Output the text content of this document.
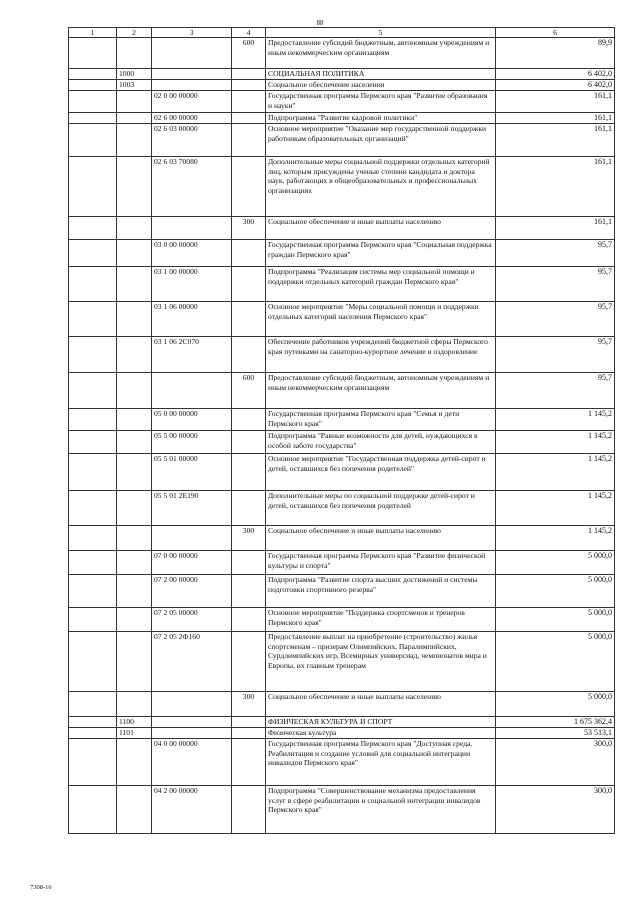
88
1	2	3	4	5	6
			600	Предоставление субсидий бюджетным, автономным учреждениям и иным некоммерческим организациям	89,9
	1000			СОЦИАЛЬНАЯ ПОЛИТИКА	6 402,0
	1003			Социальное обеспечение населения	6 402,0
		02 0 00 00000		Государственная программа Пермского края "Развитие образования и науки"	161,1
		02 6 00 00000		Подпрограмма "Развитие кадровой политики"	161,1
		02 6 03 00000		Основное мероприятие "Оказание мер государственной поддержки работникам образовательных организаций"	161,1
		02 6 03 70080		Дополнительные меры социальной поддержки отдельных категорий лиц, которым присуждены ученые степени кандидата и доктора наук, работающих в общеобразовательных и профессиональных организациях	161,1
			300	Социальное обеспечение и иные выплаты населению	161,1
		03 0 00 00000		Государственная программа Пермского края "Социальная поддержка граждан Пермского края"	95,7
		03 1 00 00000		Подпрограмма "Реализация системы мер социальной помощи и поддержки отдельных категорий граждан Пермского края"	95,7
		03 1 06 00000		Основное мероприятие "Меры социальной помощи и поддержки отдельных категорий населения Пермского края"	95,7
		03 1 06 2С070		Обеспечение работников учреждений бюджетной сферы Пермского края путевками на санаторно-курортное лечение и оздоровление	95,7
			600	Предоставление субсидий бюджетным, автономным учреждениям и иным некоммерческим организациям	95,7
		05 0 00 00000		Государственная программа Пермского края "Семья и дети Пермского края"	1 145,2
		05 5 00 00000		Подпрограмма "Равные возможности для детей, нуждающихся в особой заботе государства"	1 145,2
		05 5 01 00000		Основное мероприятие "Государственная поддержка детей-сирот и детей, оставшихся без попечения родителей"	1 145,2
		05 5 01 2Е190		Дополнительные меры по социальной поддержке детей-сирот и детей, оставшихся без попечения родителей	1 145,2
			300	Социальное обеспечение и иные выплаты населению	1 145,2
		07 0 00 00000		Государственная программа Пермского края "Развитие физической культуры и спорта"	5 000,0
		07 2 00 00000		Подпрограмма "Развитие спорта высших достижений и системы подготовки спортивного резерва"	5 000,0
		07 2 05 00000		Основное мероприятие "Поддержка спортсменов и тренеров Пермского края"	5 000,0
		07 2 05 2Ф160		Предоставление выплат на приобретение (строительство) жилья спортсменам – призерам Олимпийских, Паралимпийских, Сурдлимпийских игр, Всемирных универсиад, чемпионатов мира и Европы, их главным тренерам	5 000,0
			300	Социальное обеспечение и иные выплаты населению	5 000,0
	1100			ФИЗИЧЕСКАЯ КУЛЬТУРА И СПОРТ	1 675 362,4
	1101			Физическая культура	53 513,1
		04 0 00 00000		Государственная программа Пермского края "Доступная среда. Реабилитация и создание условий для социальной интеграции инвалидов Пермского края"	300,0
		04 2 00 00000		Подпрограмма "Совершенствование механизма предоставления услуг в сфере реабилитации и социальной интеграции инвалидов Пермского края"	300,0
7308-16
